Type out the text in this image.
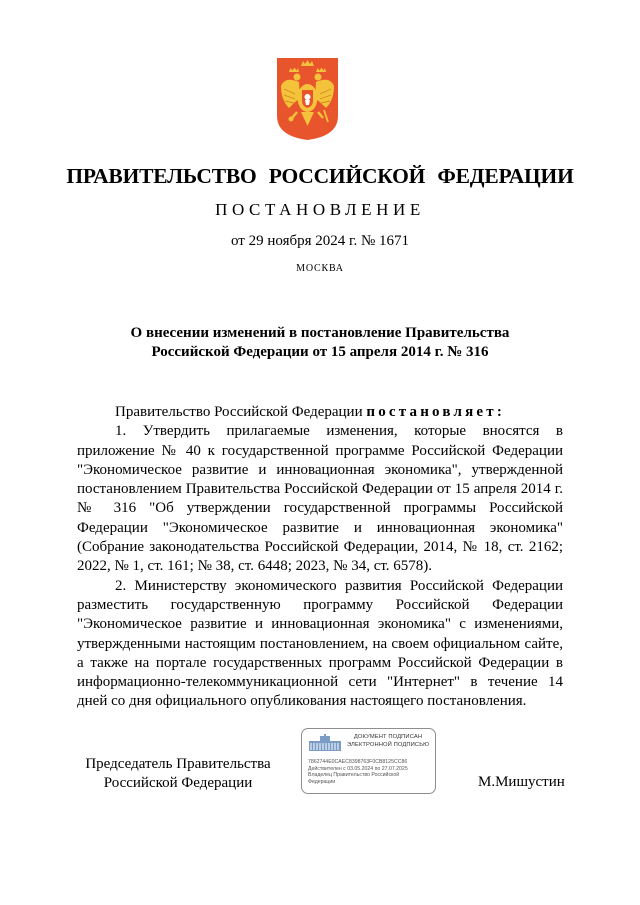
ПРАВИТЕЛЬСТВО РОССИЙСКОЙ ФЕДЕРАЦИИ
ПОСТАНОВЛЕНИЕ
от 29 ноября 2024 г. № 1671
МОСКВА
О внесении изменений в постановление Правительства
Российской Федерации от 15 апреля 2014 г. № 316

Правительство Российской Федерации постановляет:

1. Утвердить прилагаемые изменения, которые вносятся в приложение № 40 к государственной программе Российской Федерации "Экономическое развитие и инновационная экономика", утвержденной постановлением Правительства Российской Федерации от 15 апреля 2014 г. № 316 "Об утверждении государственной программы Российской Федерации "Экономическое развитие и инновационная экономика" (Собрание законодательства Российской Федерации, 2014, № 18, ст. 2162; 2022, № 1, ст. 161; № 38, ст. 6448; 2023, № 34, ст. 6578).

2. Министерству экономического развития Российской Федерации разместить государственную программу Российской Федерации "Экономическое развитие и инновационная экономика" с изменениями, утвержденными настоящим постановлением, на своем официальном сайте, а также на портале государственных программ Российской Федерации в информационно-телекоммуникационной сети "Интернет" в течение 14 дней со дня официального опубликования настоящего постановления.

Председатель Правительства
Российской Федерации
ДОКУМЕНТ ПОДПИСАН
ЭЛЕКТРОННОЙ ПОДПИСЬЮ
7862744E0CAEC8398763F0CB8125CC86
Действителен с 03.05.2024 по 27.07.2025
Владелец Правительство Российской
Федерации	М.Мишустин
